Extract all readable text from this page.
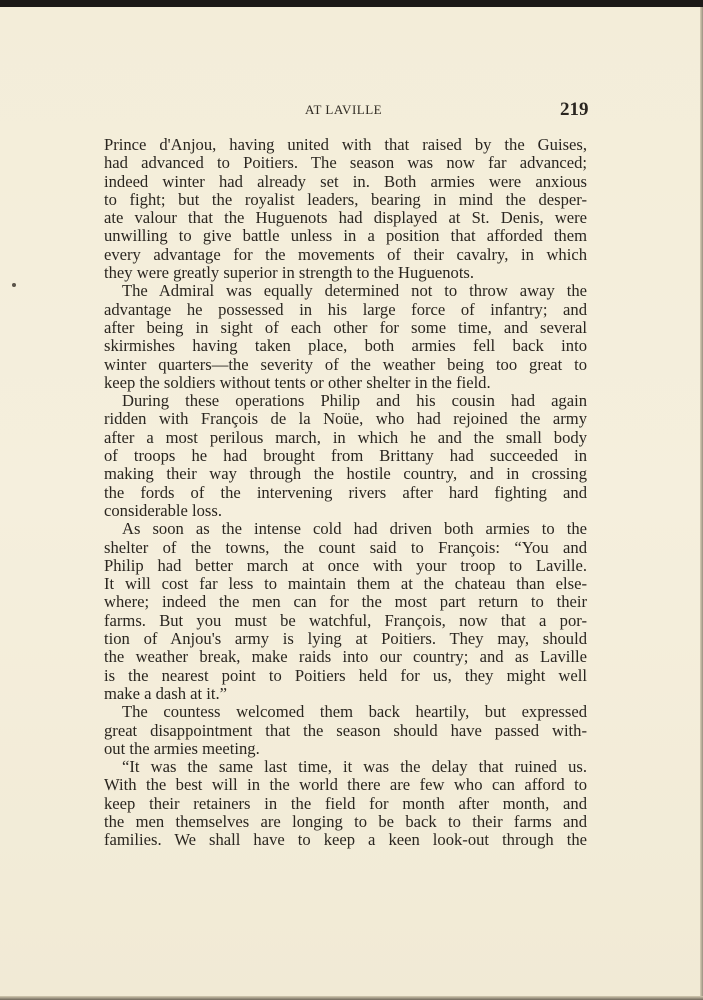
AT LAVILLE	219
Prince d'Anjou, having united with that raised by the Guises,
had advanced to Poitiers. The season was now far advanced;
indeed winter had already set in. Both armies were anxious
to fight; but the royalist leaders, bearing in mind the desper-
ate valour that the Huguenots had displayed at St. Denis, were
unwilling to give battle unless in a position that afforded them
every advantage for the movements of their cavalry, in which
they were greatly superior in strength to the Huguenots.
The Admiral was equally determined not to throw away the
advantage he possessed in his large force of infantry; and
after being in sight of each other for some time, and several
skirmishes having taken place, both armies fell back into
winter quarters—the severity of the weather being too great to
keep the soldiers without tents or other shelter in the field.
During these operations Philip and his cousin had again
ridden with François de la Noüe, who had rejoined the army
after a most perilous march, in which he and the small body
of troops he had brought from Brittany had succeeded in
making their way through the hostile country, and in crossing
the fords of the intervening rivers after hard fighting and
considerable loss.
As soon as the intense cold had driven both armies to the
shelter of the towns, the count said to François: “You and
Philip had better march at once with your troop to Laville.
It will cost far less to maintain them at the chateau than else-
where; indeed the men can for the most part return to their
farms. But you must be watchful, François, now that a por-
tion of Anjou's army is lying at Poitiers. They may, should
the weather break, make raids into our country; and as Laville
is the nearest point to Poitiers held for us, they might well
make a dash at it.”
The countess welcomed them back heartily, but expressed
great disappointment that the season should have passed with-
out the armies meeting.
“It was the same last time, it was the delay that ruined us.
With the best will in the world there are few who can afford to
keep their retainers in the field for month after month, and
the men themselves are longing to be back to their farms and
families. We shall have to keep a keen look-out through the
